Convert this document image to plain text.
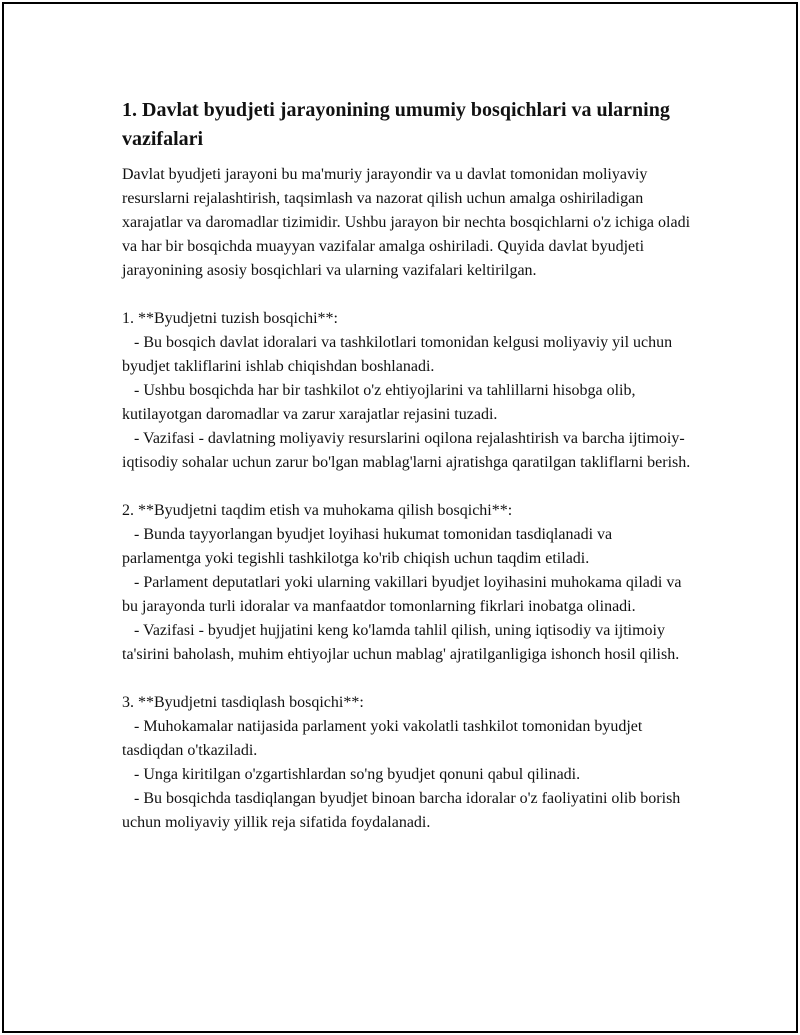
1. Davlat byudjeti jarayonining umumiy bosqichlari va ularning vazifalari

Davlat byudjeti jarayoni bu ma'muriy jarayondir va u davlat tomonidan moliyaviy resurslarni rejalashtirish, taqsimlash va nazorat qilish uchun amalga oshiriladigan xarajatlar va daromadlar tizimidir. Ushbu jarayon bir nechta bosqichlarni o'z ichiga oladi va har bir bosqichda muayyan vazifalar amalga oshiriladi. Quyida davlat byudjeti jarayonining asosiy bosqichlari va ularning vazifalari keltirilgan.

1. **Byudjetni tuzish bosqichi**:

- Bu bosqich davlat idoralari va tashkilotlari tomonidan kelgusi moliyaviy yil uchun byudjet takliflarini ishlab chiqishdan boshlanadi.

- Ushbu bosqichda har bir tashkilot o'z ehtiyojlarini va tahlillarni hisobga olib, kutilayotgan daromadlar va zarur xarajatlar rejasini tuzadi.

- Vazifasi - davlatning moliyaviy resurslarini oqilona rejalashtirish va barcha ijtimoiy-iqtisodiy sohalar uchun zarur bo'lgan mablag'larni ajratishga qaratilgan takliflarni berish.

2. **Byudjetni taqdim etish va muhokama qilish bosqichi**:

- Bunda tayyorlangan byudjet loyihasi hukumat tomonidan tasdiqlanadi va parlamentga yoki tegishli tashkilotga ko'rib chiqish uchun taqdim etiladi.

- Parlament deputatlari yoki ularning vakillari byudjet loyihasini muhokama qiladi va bu jarayonda turli idoralar va manfaatdor tomonlarning fikrlari inobatga olinadi.

- Vazifasi - byudjet hujjatini keng ko'lamda tahlil qilish, uning iqtisodiy va ijtimoiy ta'sirini baholash, muhim ehtiyojlar uchun mablag' ajratilganligiga ishonch hosil qilish.

3. **Byudjetni tasdiqlash bosqichi**:

- Muhokamalar natijasida parlament yoki vakolatli tashkilot tomonidan byudjet tasdiqdan o'tkaziladi.

- Unga kiritilgan o'zgartishlardan so'ng byudjet qonuni qabul qilinadi.

- Bu bosqichda tasdiqlangan byudjet binoan barcha idoralar o'z faoliyatini olib borish uchun moliyaviy yillik reja sifatida foydalanadi.
